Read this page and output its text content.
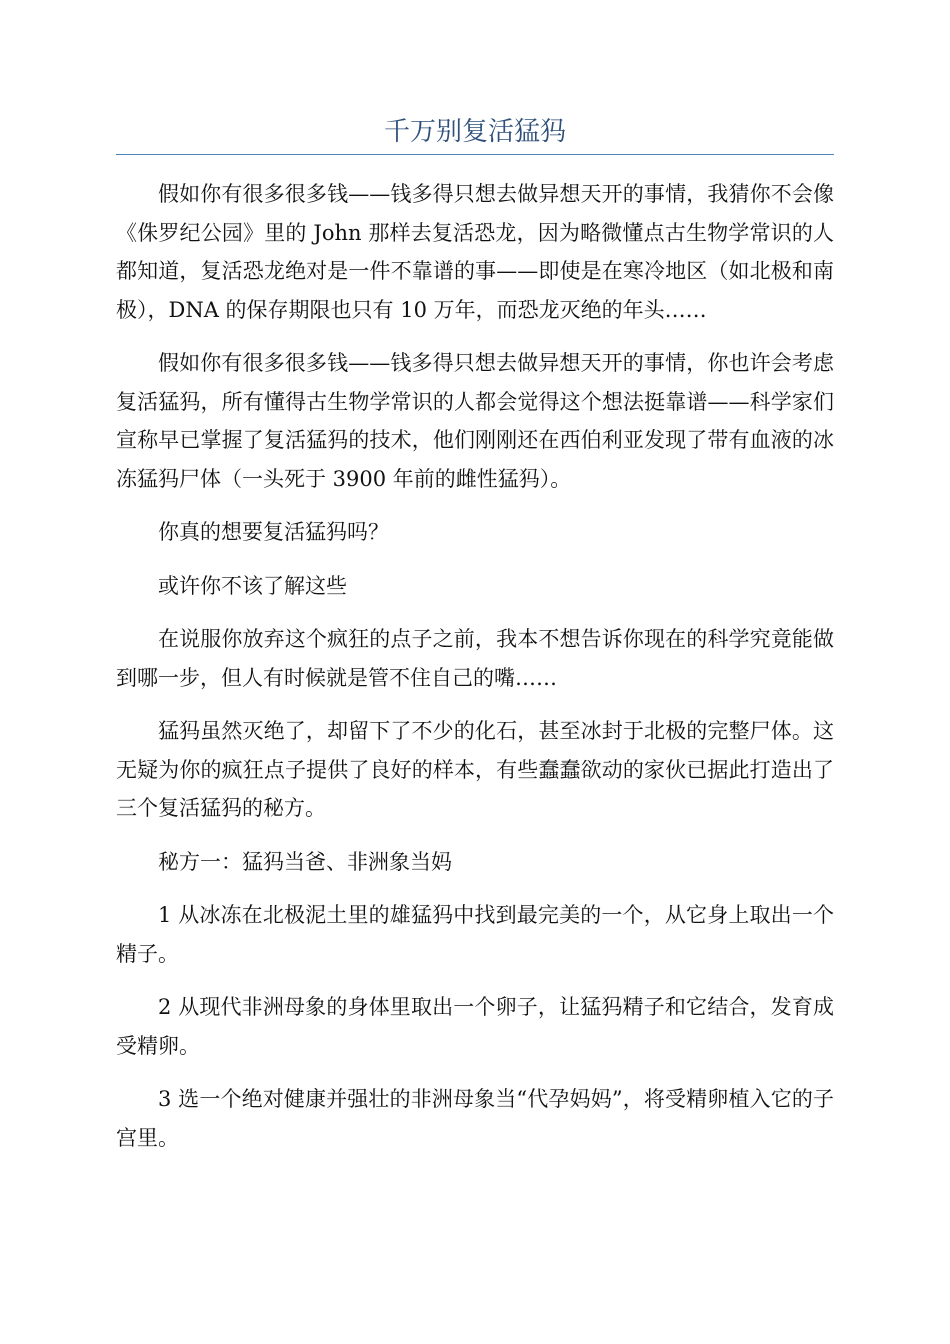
千万别复活猛犸

假如你有很多很多钱——钱多得只想去做异想天开的事情，我猜你不会像《侏罗纪公园》里的 John 那样去复活恐龙，因为略微懂点古生物学常识的人都知道，复活恐龙绝对是一件不靠谱的事——即使是在寒冷地区（如北极和南极），DNA 的保存期限也只有 10 万年，而恐龙灭绝的年头……

假如你有很多很多钱——钱多得只想去做异想天开的事情，你也许会考虑复活猛犸，所有懂得古生物学常识的人都会觉得这个想法挺靠谱——科学家们宣称早已掌握了复活猛犸的技术，他们刚刚还在西伯利亚发现了带有血液的冰冻猛犸尸体（一头死于 3900 年前的雌性猛犸）。

你真的想要复活猛犸吗？

或许你不该了解这些

在说服你放弃这个疯狂的点子之前，我本不想告诉你现在的科学究竟能做到哪一步，但人有时候就是管不住自己的嘴……

猛犸虽然灭绝了，却留下了不少的化石，甚至冰封于北极的完整尸体。这无疑为你的疯狂点子提供了良好的样本，有些蠢蠢欲动的家伙已据此打造出了三个复活猛犸的秘方。

秘方一：猛犸当爸、非洲象当妈

1 从冰冻在北极泥土里的雄猛犸中找到最完美的一个，从它身上取出一个精子。

2 从现代非洲母象的身体里取出一个卵子，让猛犸精子和它结合，发育成受精卵。

3 选一个绝对健康并强壮的非洲母象当“代孕妈妈”，将受精卵植入它的子宫里。
